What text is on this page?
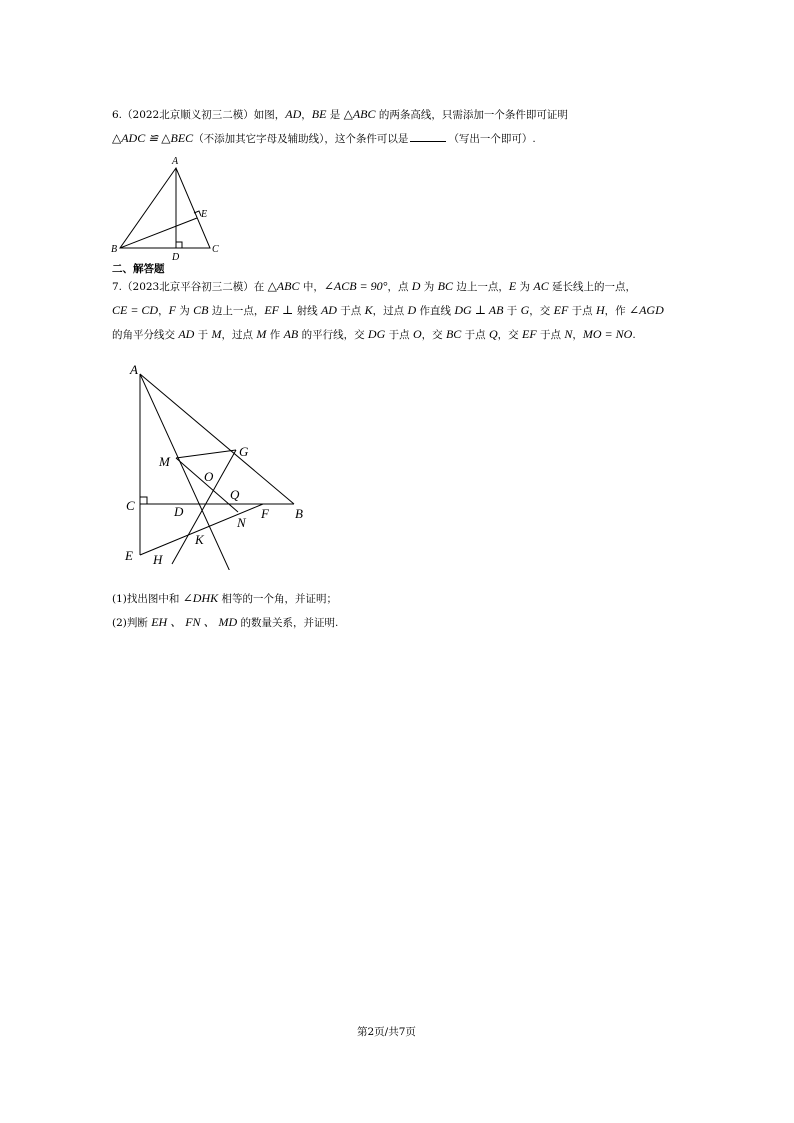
6.（2022北京顺义初三二模）如图，AD，BE 是 △ABC 的两条高线，只需添加一个条件即可证明
△ADC ≌ △BEC（不添加其它字母及辅助线），这个条件可以是	（写出一个即可）.
A
B	C
D
E
二、解答题
7.（2023北京平谷初三二模）在 △ABC 中，∠ACB = 90°，点 D 为 BC 边上一点，E 为 AC 延长线上的一点，
CE = CD，F 为 CB 边上一点，EF ⊥ 射线 AD 于点 K，过点 D 作直线 DG ⊥ AB 于 G，交 EF 于点 H，作 ∠AGD
的角平分线交 AD 于 M，过点 M 作 AB 的平行线，交 DG 于点 O，交 BC 于点 Q，交 EF 于点 N，MO = NO.
A
B
C	D
E
F
G
H
K
M
N
O
Q
(1)找出图中和 ∠DHK 相等的一个角，并证明；
(2)判断 EH 、 FN 、 MD 的数量关系，并证明.
第2页/共7页
